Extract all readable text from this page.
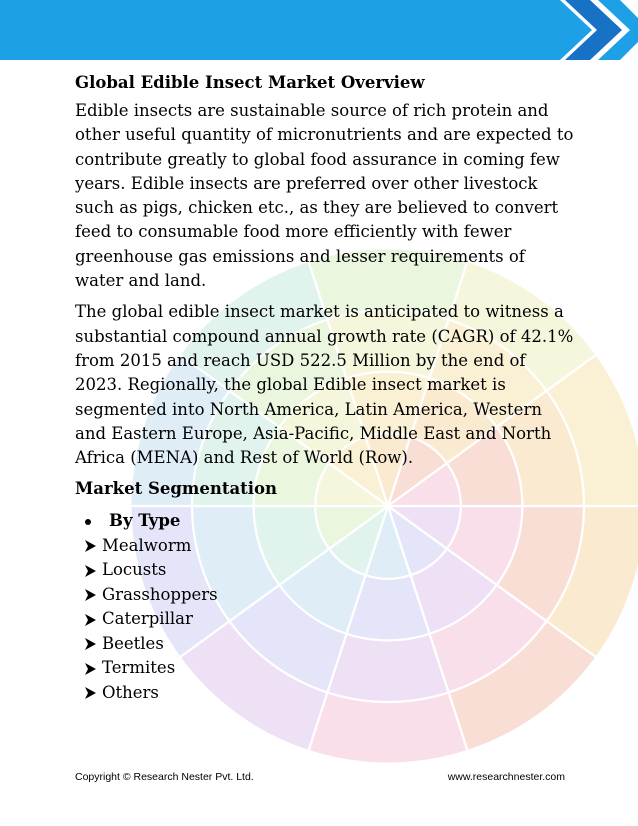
Global Edible Insect Market Overview

Edible insects are sustainable source of rich protein and other useful quantity of micronutrients and are expected to contribute greatly to global food assurance in coming few years. Edible insects are preferred over other livestock such as pigs, chicken etc., as they are believed to convert feed to consumable food more efficiently with fewer greenhouse gas emissions and lesser requirements of water and land.

The global edible insect market is anticipated to witness a substantial compound annual growth rate (CAGR) of 42.1% from 2015 and reach USD 522.5 Million by the end of 2023. Regionally, the global Edible insect market is segmented into North America, Latin America, Western and Eastern Europe, Asia-Pacific, Middle East and North Africa (MENA) and Rest of World (Row).

Market Segmentation
By Type
Mealworm
Locusts
Grasshoppers
Caterpillar
Beetles
Termites
Others
Copyright © Research Nester Pvt. Ltd.	www.researchnester.com
